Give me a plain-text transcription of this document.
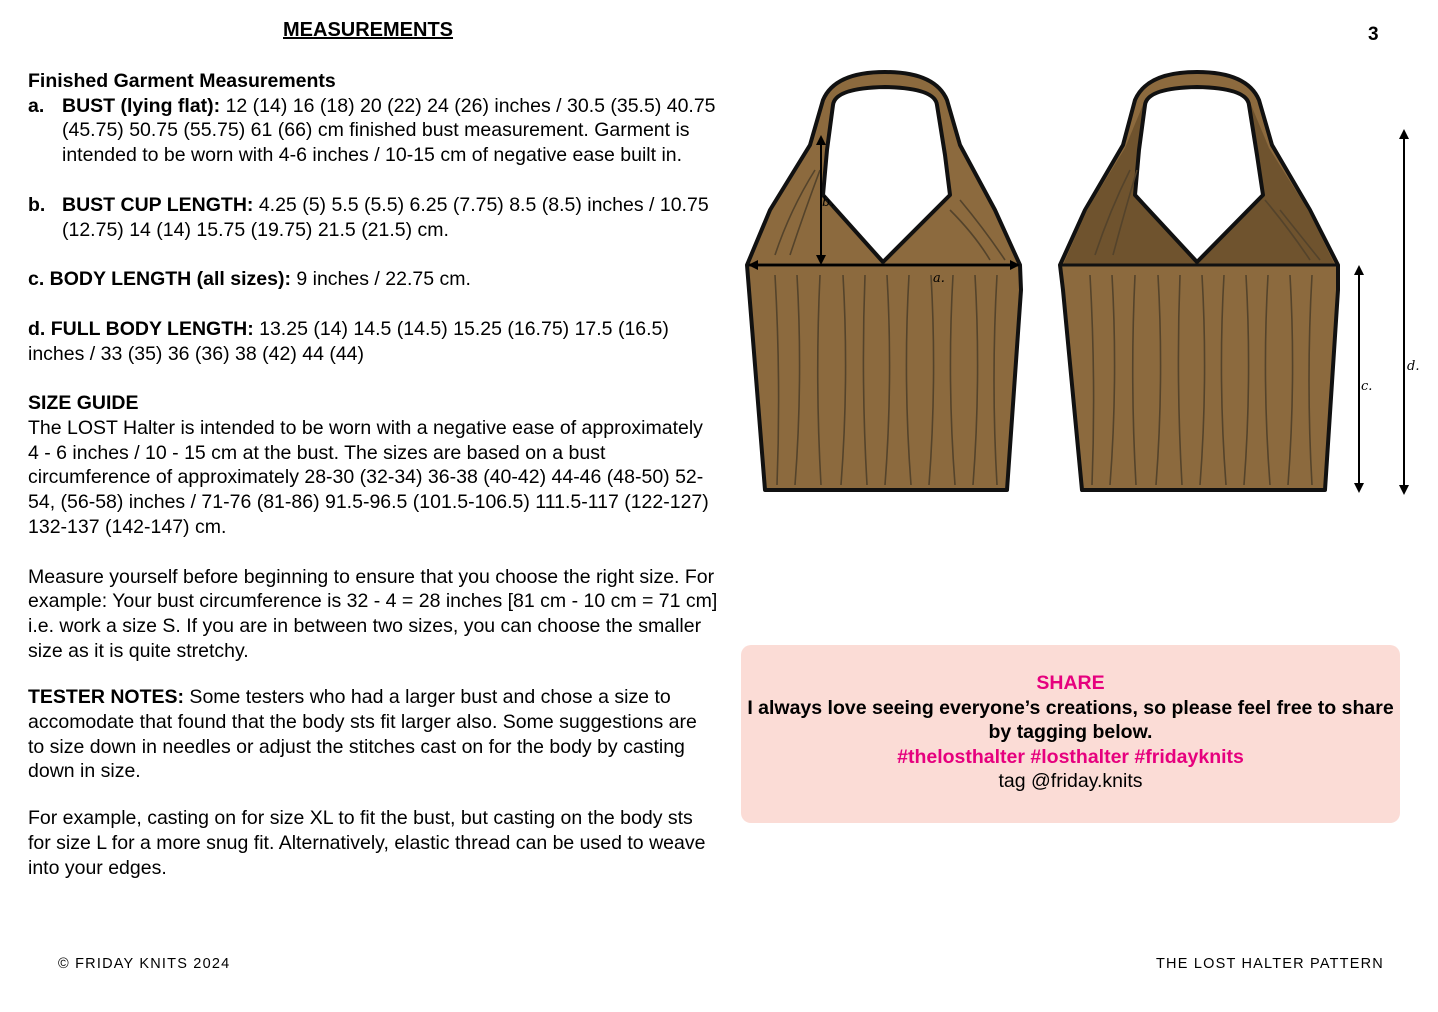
MEASUREMENTS	3

Finished Garment Measurements

a. BUST (lying flat): 12 (14) 16 (18) 20 (22) 24 (26) inches / 30.5 (35.5) 40.75 (45.75) 50.75 (55.75) 61 (66) cm finished bust measurement. Garment is intended to be worn with 4-6 inches / 10-15 cm of negative ease built in.
b. BUST CUP LENGTH: 4.25 (5) 5.5 (5.5) 6.25 (7.75) 8.5 (8.5) inches / 10.75 (12.75) 14 (14) 15.75 (19.75) 21.5 (21.5) cm.

c. BODY LENGTH (all sizes): 9 inches / 22.75 cm.

d. FULL BODY LENGTH: 13.25 (14) 14.5 (14.5) 15.25 (16.75) 17.5 (16.5) inches / 33 (35) 36 (36) 38 (42) 44 (44)

SIZE GUIDE

The LOST Halter is intended to be worn with a negative ease of approximately 4 - 6 inches / 10 - 15 cm at the bust. The sizes are based on a bust circumference of approximately 28-30 (32-34) 36-38 (40-42) 44-46 (48-50) 52-54, (56-58) inches / 71-76 (81-86) 91.5-96.5 (101.5-106.5) 111.5-117 (122-127) 132-137 (142-147) cm.

Measure yourself before beginning to ensure that you choose the right size. For example: Your bust circumference is 32 - 4 = 28 inches [81 cm - 10 cm = 71 cm] i.e. work a size S. If you are in between two sizes, you can choose the smaller size as it is quite stretchy.

TESTER NOTES: Some testers who had a larger bust and chose a size to accomodate that found that the body sts fit larger also. Some suggestions are to size down in needles or adjust the stitches cast on for the body by casting down in size.

For example, casting on for size XL to fit the bust, but casting on the body sts for size L for a more snug fit. Alternatively, elastic thread can be used to weave into your edges.

b.
a.
c.
d.
SHARE
I always love seeing everyone’s creations, so please feel free to share by tagging below.
#thelosthalter #losthalter #fridayknits
tag @friday.knits
© FRIDAY KNITS 2024	THE LOST HALTER PATTERN
